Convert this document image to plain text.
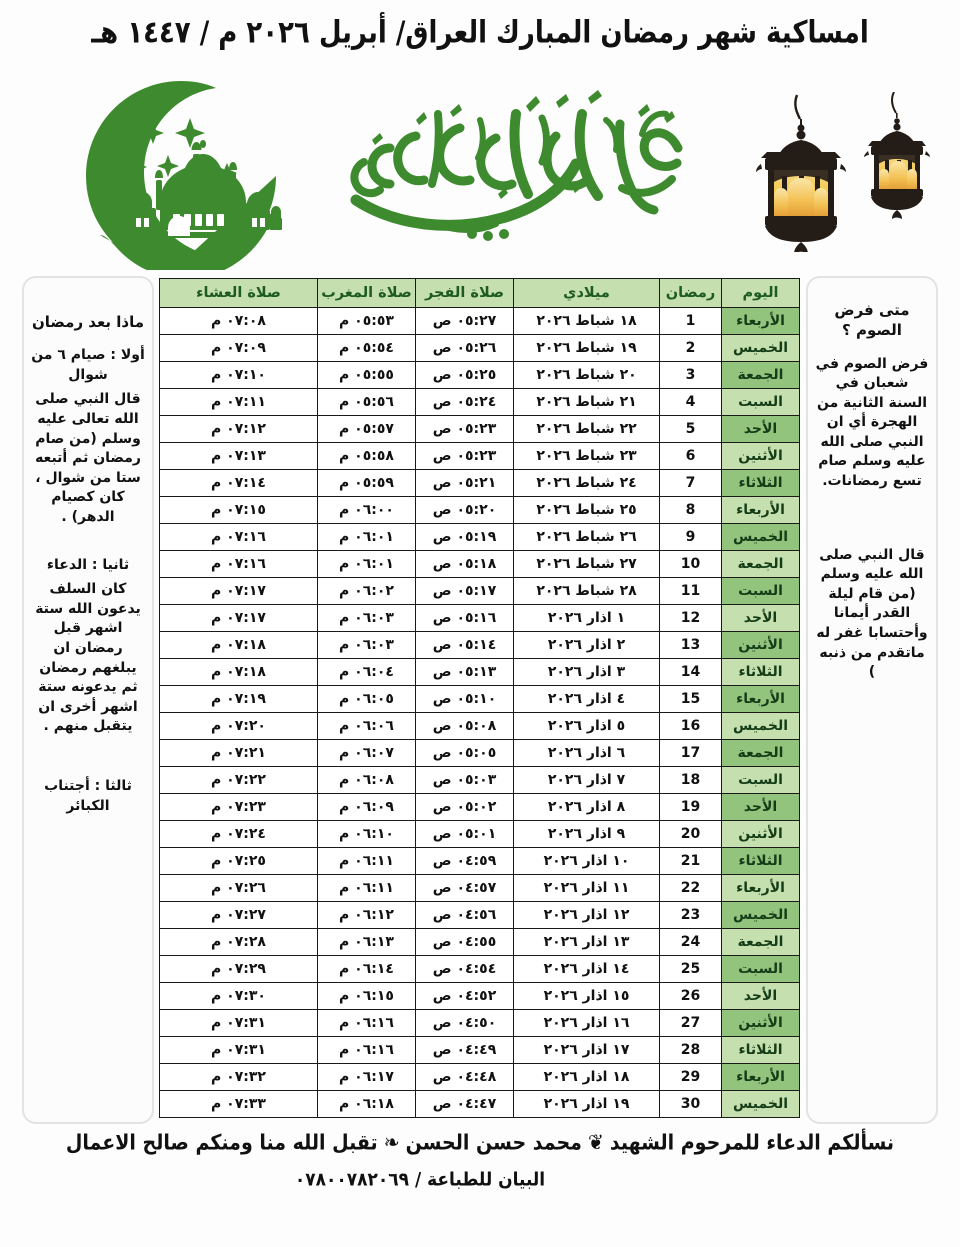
امساكية شهر رمضان المبارك العراق/ أبريل ٢٠٢٦ م / ١٤٤٧ هـ
ماذا بعد رمضان
أولا : صيام ٦ من شوال
قال النبي صلى الله تعالى عليه وسلم (من صام رمضان ثم أتبعه ستا من شوال ، كان كصيام الدهر) .
ثانيا : الدعاء
كان السلف يدعون الله ستة اشهر قبل رمضان ان يبلغهم رمضان ثم يدعونه ستة اشهر أخرى ان يتقبل منهم .
ثالثا : أجتناب الكبائر
اليوم	رمضان	ميلادي	صلاة الفجر	صلاة المغرب	صلاة العشاء
الأربعاء	1	١٨ شباط ٢٠٢٦	٠٥:٢٧ ص	٠٥:٥٣ م	٠٧:٠٨ م
الخميس	2	١٩ شباط ٢٠٢٦	٠٥:٢٦ ص	٠٥:٥٤ م	٠٧:٠٩ م
الجمعة	3	٢٠ شباط ٢٠٢٦	٠٥:٢٥ ص	٠٥:٥٥ م	٠٧:١٠ م
السبت	4	٢١ شباط ٢٠٢٦	٠٥:٢٤ ص	٠٥:٥٦ م	٠٧:١١ م
الأحد	5	٢٢ شباط ٢٠٢٦	٠٥:٢٣ ص	٠٥:٥٧ م	٠٧:١٢ م
الأثنين	6	٢٣ شباط ٢٠٢٦	٠٥:٢٣ ص	٠٥:٥٨ م	٠٧:١٣ م
الثلاثاء	7	٢٤ شباط ٢٠٢٦	٠٥:٢١ ص	٠٥:٥٩ م	٠٧:١٤ م
الأربعاء	8	٢٥ شباط ٢٠٢٦	٠٥:٢٠ ص	٠٦:٠٠ م	٠٧:١٥ م
الخميس	9	٢٦ شباط ٢٠٢٦	٠٥:١٩ ص	٠٦:٠١ م	٠٧:١٦ م
الجمعة	10	٢٧ شباط ٢٠٢٦	٠٥:١٨ ص	٠٦:٠١ م	٠٧:١٦ م
السبت	11	٢٨ شباط ٢٠٢٦	٠٥:١٧ ص	٠٦:٠٢ م	٠٧:١٧ م
الأحد	12	١ اذار ٢٠٢٦	٠٥:١٦ ص	٠٦:٠٣ م	٠٧:١٧ م
الأثنين	13	٢ اذار ٢٠٢٦	٠٥:١٤ ص	٠٦:٠٣ م	٠٧:١٨ م
الثلاثاء	14	٣ اذار ٢٠٢٦	٠٥:١٣ ص	٠٦:٠٤ م	٠٧:١٨ م
الأربعاء	15	٤ اذار ٢٠٢٦	٠٥:١٠ ص	٠٦:٠٥ م	٠٧:١٩ م
الخميس	16	٥ اذار ٢٠٢٦	٠٥:٠٨ ص	٠٦:٠٦ م	٠٧:٢٠ م
الجمعة	17	٦ اذار ٢٠٢٦	٠٥:٠٥ ص	٠٦:٠٧ م	٠٧:٢١ م
السبت	18	٧ اذار ٢٠٢٦	٠٥:٠٣ ص	٠٦:٠٨ م	٠٧:٢٢ م
الأحد	19	٨ اذار ٢٠٢٦	٠٥:٠٢ ص	٠٦:٠٩ م	٠٧:٢٣ م
الأثنين	20	٩ اذار ٢٠٢٦	٠٥:٠١ ص	٠٦:١٠ م	٠٧:٢٤ م
الثلاثاء	21	١٠ اذار ٢٠٢٦	٠٤:٥٩ ص	٠٦:١١ م	٠٧:٢٥ م
الأربعاء	22	١١ اذار ٢٠٢٦	٠٤:٥٧ ص	٠٦:١١ م	٠٧:٢٦ م
الخميس	23	١٢ اذار ٢٠٢٦	٠٤:٥٦ ص	٠٦:١٢ م	٠٧:٢٧ م
الجمعة	24	١٣ اذار ٢٠٢٦	٠٤:٥٥ ص	٠٦:١٣ م	٠٧:٢٨ م
السبت	25	١٤ اذار ٢٠٢٦	٠٤:٥٤ ص	٠٦:١٤ م	٠٧:٢٩ م
الأحد	26	١٥ اذار ٢٠٢٦	٠٤:٥٢ ص	٠٦:١٥ م	٠٧:٣٠ م
الأثنين	27	١٦ اذار ٢٠٢٦	٠٤:٥٠ ص	٠٦:١٦ م	٠٧:٣١ م
الثلاثاء	28	١٧ اذار ٢٠٢٦	٠٤:٤٩ ص	٠٦:١٦ م	٠٧:٣١ م
الأربعاء	29	١٨ اذار ٢٠٢٦	٠٤:٤٨ ص	٠٦:١٧ م	٠٧:٣٢ م
الخميس	30	١٩ اذار ٢٠٢٦	٠٤:٤٧ ص	٠٦:١٨ م	٠٧:٣٣ م
متى فرض الصوم ؟
فرض الصوم في شعبان في السنة الثانية من الهجرة أي ان النبي صلى الله عليه وسلم صام تسع رمضانات.
قال النبي صلى الله عليه وسلم (من قام ليلة القدر أيمانا وأحتسابا غفر له ماتقدم من ذنبه )
نسألكم الدعاء للمرحوم الشهيد❦محمد حسن الحسن❧تقبل الله منا ومنكم صالح الاعمال
البيان للطباعة / ٠٧٨٠٠٧٨٢٠٦٩
